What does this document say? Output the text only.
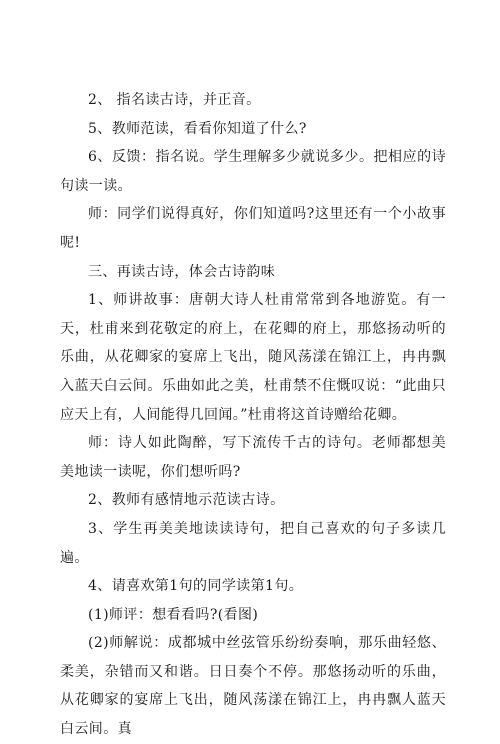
2、 指名读古诗，并正音。

5、教师范读，看看你知道了什么?

6、反馈：指名说。学生理解多少就说多少。把相应的诗句读一读。

师：同学们说得真好，你们知道吗?这里还有一个小故事呢!

三、再读古诗，体会古诗韵味

1、师讲故事：唐朝大诗人杜甫常常到各地游览。有一天，杜甫来到花敬定的府上，在花卿的府上，那悠扬动听的乐曲，从花卿家的宴席上飞出，随风荡漾在锦江上，冉冉飘入蓝天白云间。乐曲如此之美，杜甫禁不住慨叹说：“此曲只应天上有，人间能得几回闻。”杜甫将这首诗赠给花卿。

师：诗人如此陶醉，写下流传千古的诗句。老师都想美美地读一读呢，你们想听吗?

2、教师有感情地示范读古诗。

3、学生再美美地读读诗句，把自己喜欢的句子多读几遍。

4、请喜欢第1句的同学读第1句。

(1)师评：想看看吗?(看图)

(2)师解说：成都城中丝弦管乐纷纷奏响，那乐曲轻悠、柔美，杂错而又和谐。日日奏个不停。那悠扬动听的乐曲，从花卿家的宴席上飞出，随风荡漾在锦江上，冉冉飘人蓝天白云间。真
